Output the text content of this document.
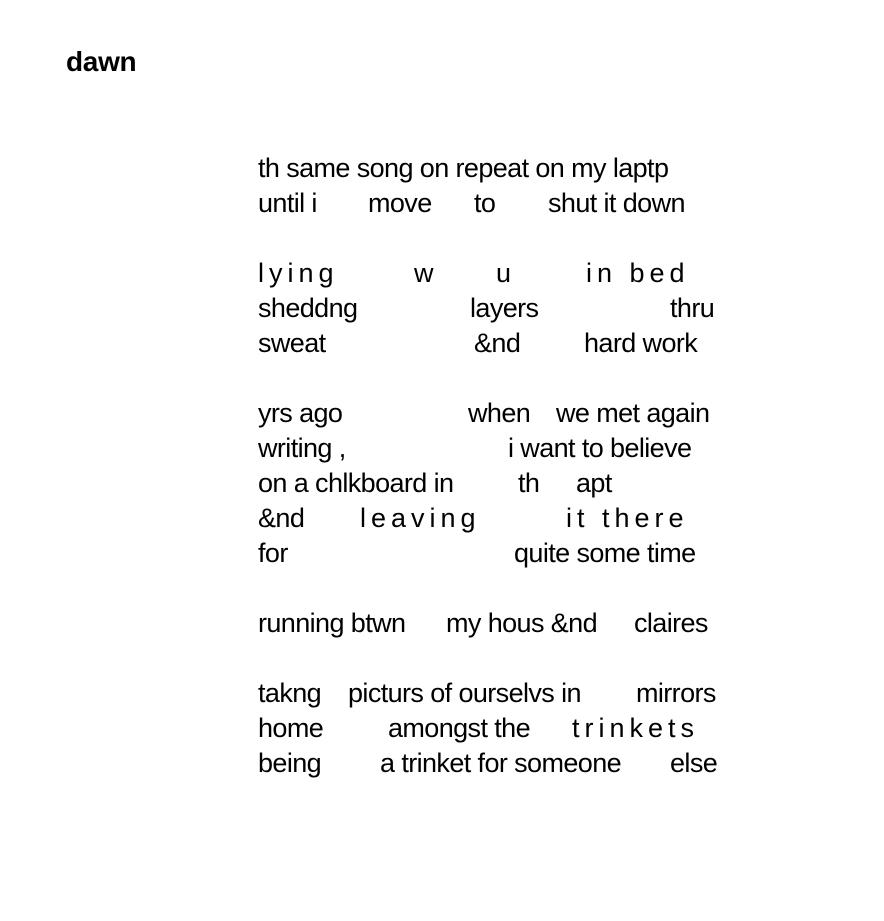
dawn

th same song on repeat on my laptp

until i

move

to

shut it down

lying

	w

u

	in bed

sheddng

	layers

	thru

sweat

	&nd

hard work

yrs ago

	when

we met again

writing ,

	i want to believe

on a chlkboard in

th

apt

&nd

leaving

	it there

for

	quite some time

running btwn

my hous &nd

claires

takng

picturs of ourselvs in

mirrors

home

amongst the

trinkets

being

a trinket for someone

else
